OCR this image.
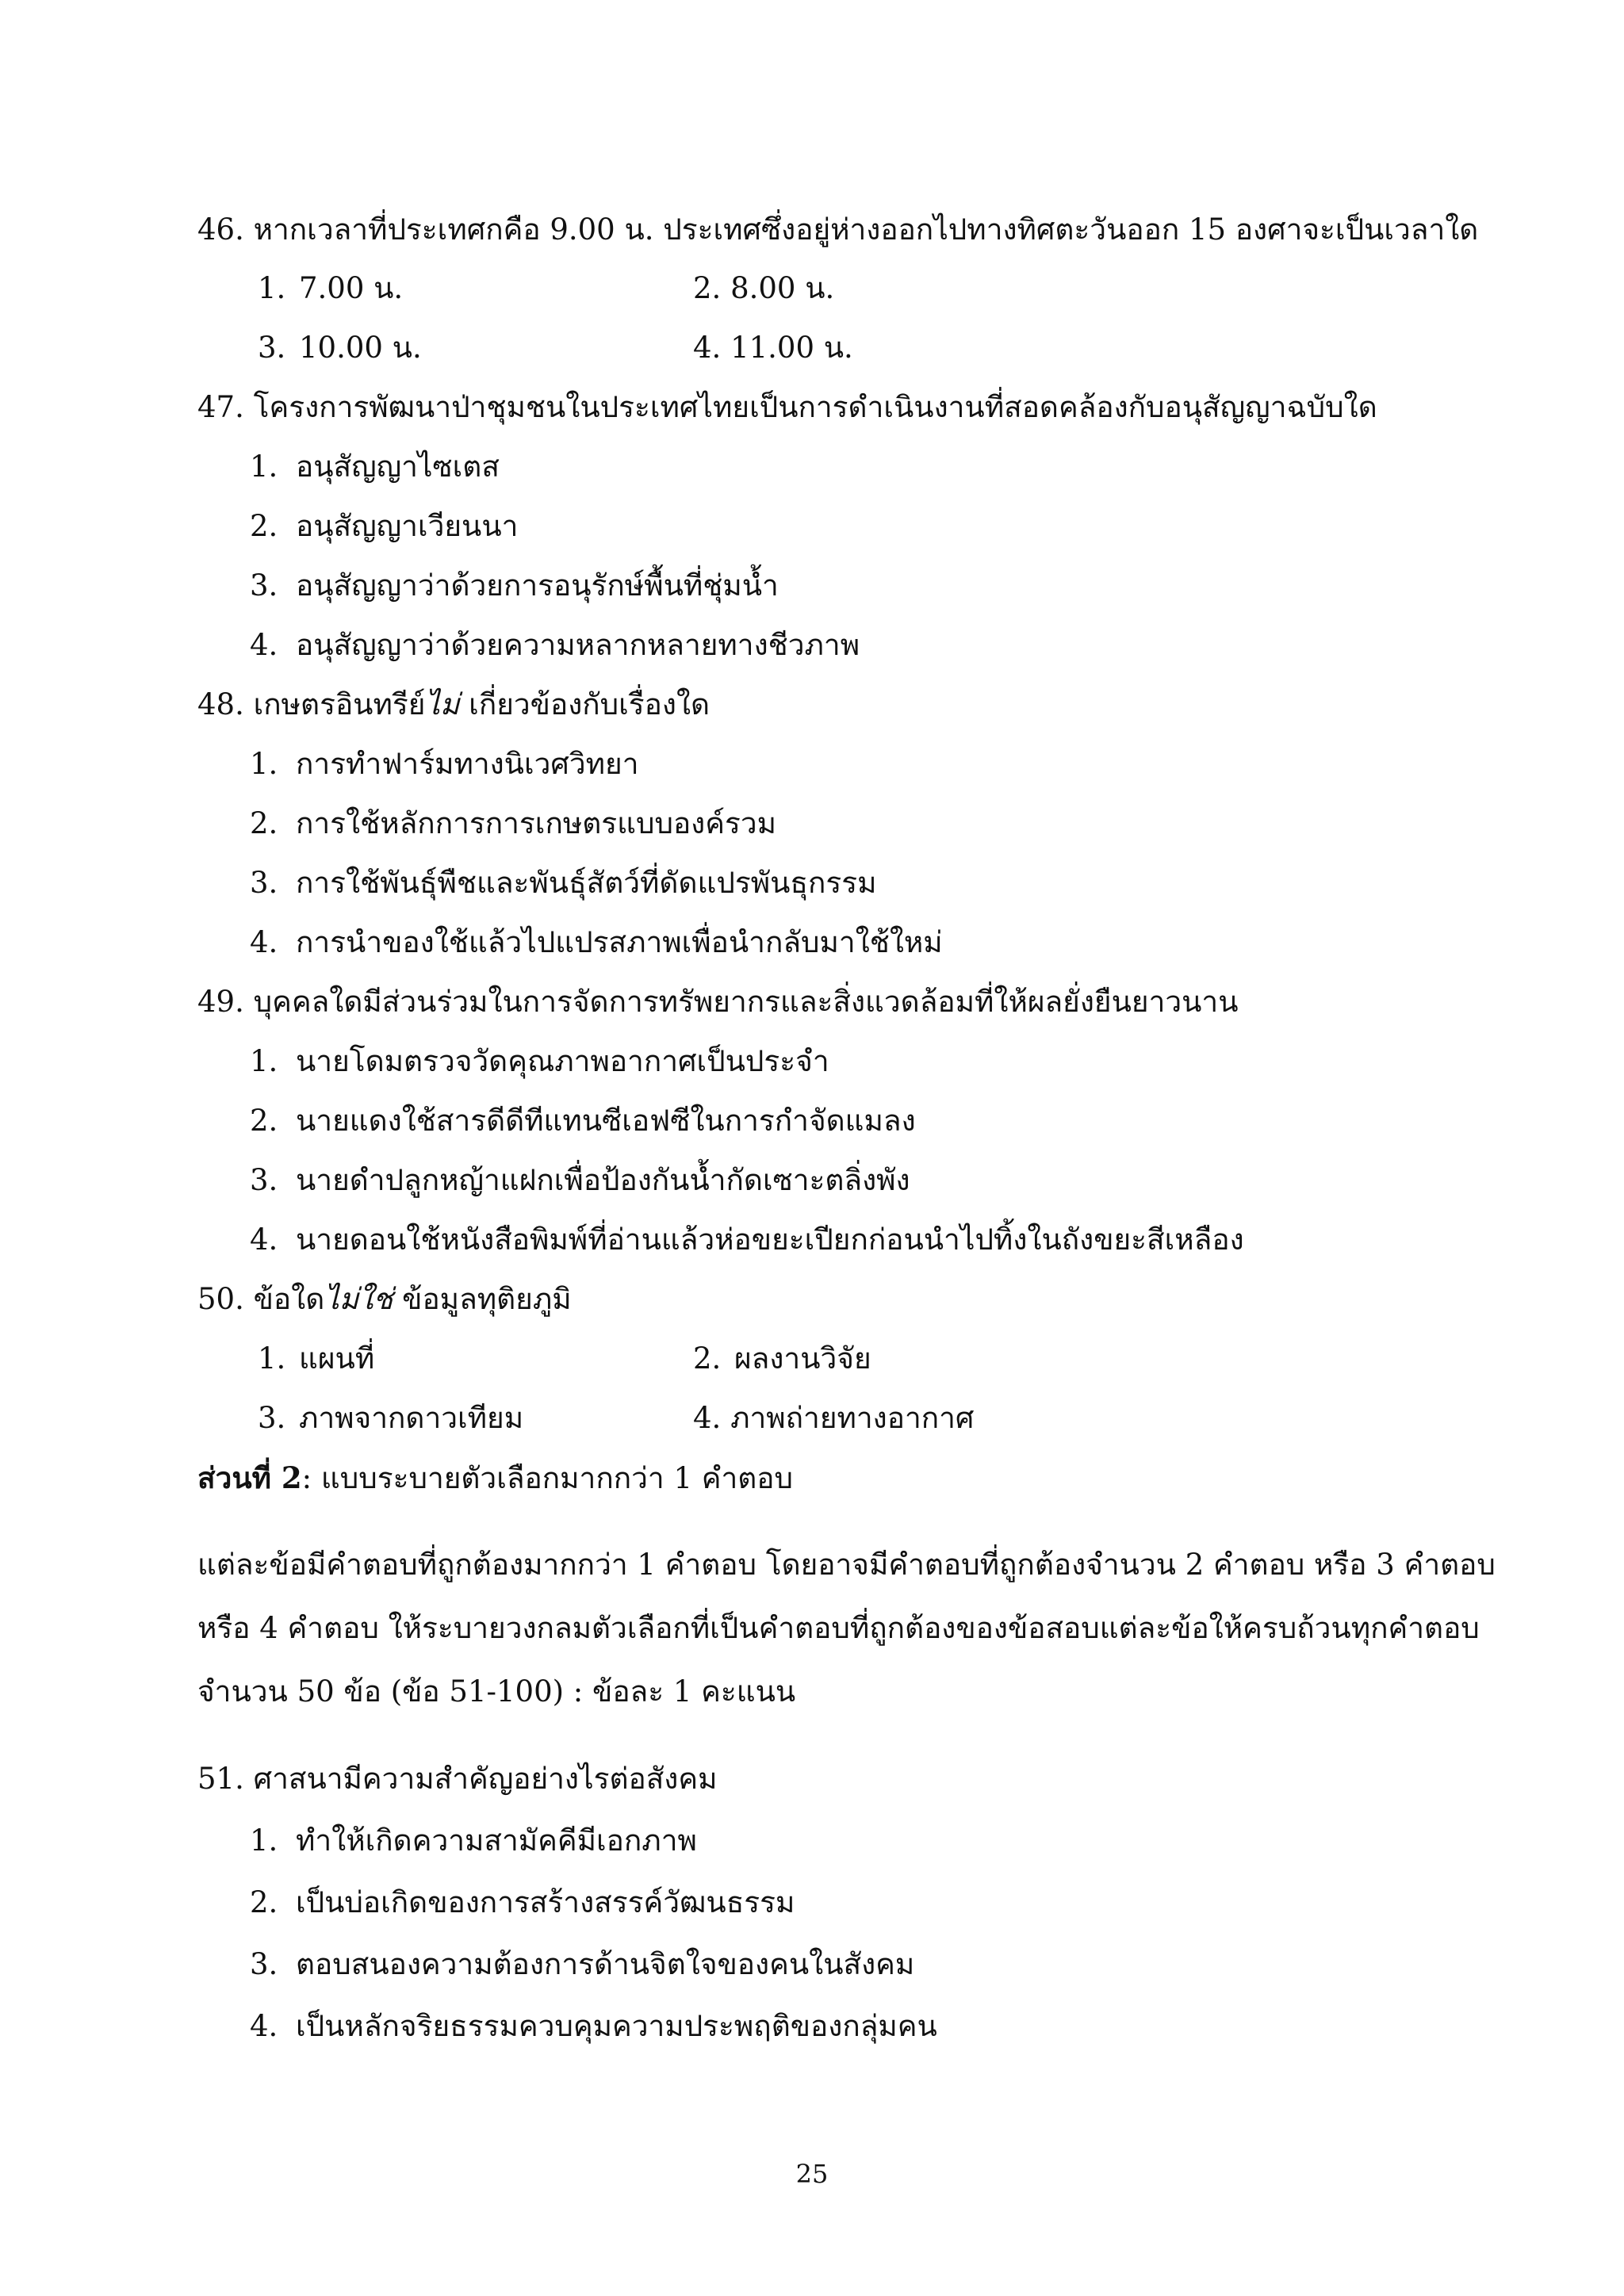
46. หากเวลาที่ประเทศกคือ 9.00 น. ประเทศซึ่งอยู่ห่างออกไปทางทิศตะวันออก 15 องศาจะเป็นเวลาใด
1. 7.00 น.	2. 8.00 น.
3. 10.00 น.	4. 11.00 น.
47. โครงการพัฒนาป่าชุมชนในประเทศไทยเป็นการดำเนินงานที่สอดคล้องกับอนุสัญญาฉบับใด
1. อนุสัญญาไซเตส
2. อนุสัญญาเวียนนา
3. อนุสัญญาว่าด้วยการอนุรักษ์พื้นที่ชุ่มน้ำ
4. อนุสัญญาว่าด้วยความหลากหลายทางชีวภาพ
48. เกษตรอินทรีย์ไม่ เกี่ยวข้องกับเรื่องใด
1. การทำฟาร์มทางนิเวศวิทยา
2. การใช้หลักการการเกษตรแบบองค์รวม
3. การใช้พันธุ์พืชและพันธุ์สัตว์ที่ดัดแปรพันธุกรรม
4. การนำของใช้แล้วไปแปรสภาพเพื่อนำกลับมาใช้ใหม่
49. บุคคลใดมีส่วนร่วมในการจัดการทรัพยากรและสิ่งแวดล้อมที่ให้ผลยั่งยืนยาวนาน
1. นายโดมตรวจวัดคุณภาพอากาศเป็นประจำ
2. นายแดงใช้สารดีดีทีแทนซีเอฟซีในการกำจัดแมลง
3. นายดำปลูกหญ้าแฝกเพื่อป้องกันน้ำกัดเซาะตลิ่งพัง
4. นายดอนใช้หนังสือพิมพ์ที่อ่านแล้วห่อขยะเปียกก่อนนำไปทิ้งในถังขยะสีเหลือง
50. ข้อใดไม่ใช่ ข้อมูลทุติยภูมิ
1. แผนที่	2. ผลงานวิจัย
3. ภาพจากดาวเทียม	4. ภาพถ่ายทางอากาศ
ส่วนที่ 2: แบบระบายตัวเลือกมากกว่า 1 คำตอบ
แต่ละข้อมีคำตอบที่ถูกต้องมากกว่า 1 คำตอบ โดยอาจมีคำตอบที่ถูกต้องจำนวน 2 คำตอบ หรือ 3 คำตอบ
หรือ 4 คำตอบ ให้ระบายวงกลมตัวเลือกที่เป็นคำตอบที่ถูกต้องของข้อสอบแต่ละข้อให้ครบถ้วนทุกคำตอบ
จำนวน 50 ข้อ (ข้อ 51-100) : ข้อละ 1 คะแนน
51. ศาสนามีความสำคัญอย่างไรต่อสังคม
1. ทำให้เกิดความสามัคคีมีเอกภาพ
2. เป็นบ่อเกิดของการสร้างสรรค์วัฒนธรรม
3. ตอบสนองความต้องการด้านจิตใจของคนในสังคม
4. เป็นหลักจริยธรรมควบคุมความประพฤติของกลุ่มคน
25
